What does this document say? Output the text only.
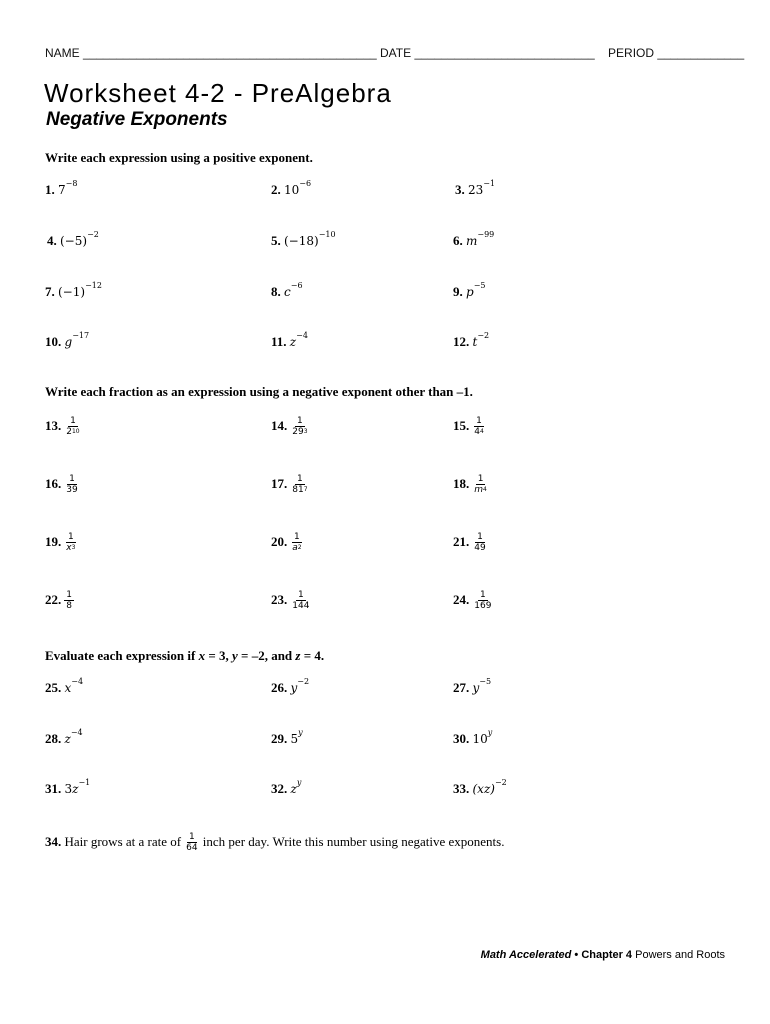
NAME ____________________________________________ DATE ___________________________ PERIOD _____________
Worksheet 4-2 - PreAlgebra
Negative Exponents
Write each expression using a positive exponent.
1. $7^{-8}$	2. $10^{-6}$	3. $23^{-1}$
4. $(-5)^{-2}$	5. $(-18)^{-10}$	6. $m^{-99}$
7. $(-1)^{-12}$	8. $c^{-6}$	9. $p^{-5}$
10. $g^{-17}$	11. $z^{-4}$	12. $t^{-2}$
Write each fraction as an expression using a negative exponent other than –1.
13. $\frac{1}{2^{10}}$	14. $\frac{1}{29^3}$	15. $\frac{1}{4^4}$
16. $\frac{1}{39}$	17. $\frac{1}{81^7}$	18. $\frac{1}{m^4}$
19. $\frac{1}{x^3}$	20. $\frac{1}{a^2}$	21. $\frac{1}{49}$
22. $\frac{1}{8}$	23. $\frac{1}{144}$	24. $\frac{1}{169}$
Evaluate each expression if x = 3, y = –2, and z = 4.
25. $x^{-4}$	26. $y^{-2}$	27. $y^{-5}$
28. $z^{-4}$	29. 5$^y$	30. 10$^y$
31. $3z^{-1}$	32. $z^y$	33. (xz)$^{-2}$
34. Hair grows at a rate of $\frac{1}{64}$ inch per day. Write this number using negative exponents.
Math Accelerated • Chapter 4 Powers and Roots
